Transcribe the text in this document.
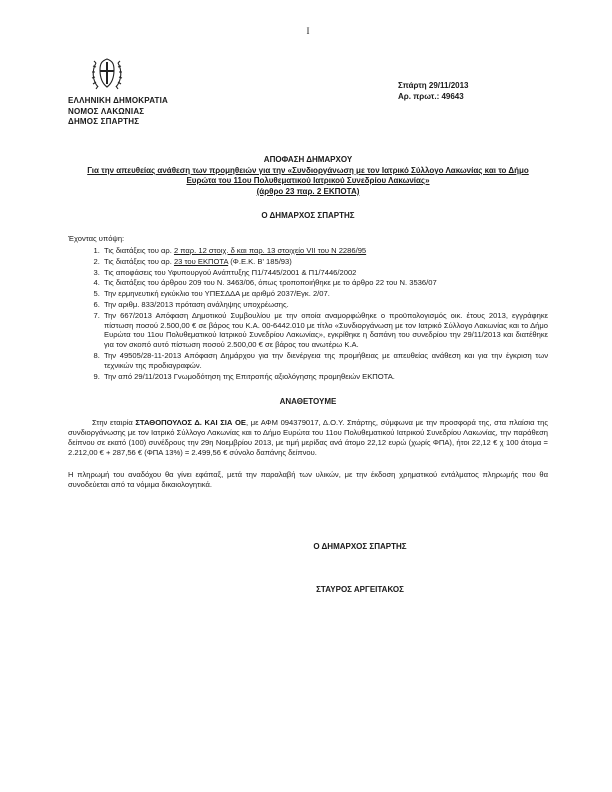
I
ΕΛΛΗΝΙΚΗ ΔΗΜΟΚΡΑΤΙΑ
ΝΟΜΟΣ ΛΑΚΩΝΙΑΣ
ΔΗΜΟΣ ΣΠΑΡΤΗΣ
Σπάρτη 29/11/2013
Αρ. πρωτ.: 49643
ΑΠΟΦΑΣΗ ΔΗΜΑΡΧΟΥ
Για την απευθείας ανάθεση των προμηθειών για την «Συνδιοργάνωση με τον Ιατρικό Σύλλογο Λακωνίας και το Δήμο Ευρώτα του 11ου Πολυθεματικού Ιατρικού Συνεδρίου Λακωνίας»
(άρθρο 23 παρ. 2 ΕΚΠΟΤΑ)
Ο ΔΗΜΑΡΧΟΣ ΣΠΑΡΤΗΣ
Έχοντας υπόψη:
1. Τις διατάξεις του αρ. 2 παρ. 12 στοιχ. δ και παρ. 13 στοιχείο VII του Ν 2286/95
2. Τις διατάξεις του αρ. 23 του ΕΚΠΟΤΑ (Φ.Ε.Κ. Β' 185/93)
3. Τις αποφάσεις του Υφυπουργού Ανάπτυξης Π1/7445/2001 & Π1/7446/2002
4. Τις διατάξεις του άρθρου 209 του Ν. 3463/06, όπως τροποποιήθηκε με το άρθρο 22 του Ν. 3536/07
5. Την ερμηνευτική εγκύκλιο του ΥΠΕΣΔΔΑ με αριθμό 2037/Εγκ. 2/07.
6. Την αριθμ. 833/2013 πρόταση ανάληψης υποχρέωσης.
7. Την 667/2013 Απόφαση Δημοτικού Συμβουλίου με την οποία αναμορφώθηκε ο προϋπολογισμός οικ. έτους 2013, εγγράφηκε πίστωση ποσού 2.500,00 € σε βάρος του Κ.Α. 00-6442.010 με τίτλο «Συνδιοργάνωση με τον Ιατρικό Σύλλογο Λακωνίας και το Δήμο Ευρώτα του 11ου Πολυθεματικού Ιατρικού Συνεδρίου Λακωνίας», εγκρίθηκε η δαπάνη του συνεδρίου την 29/11/2013 και διατέθηκε για τον σκοπό αυτό πίστωση ποσού 2.500,00 € σε βάρος του ανωτέρω Κ.Α.
8. Την 49505/28-11-2013 Απόφαση Δημάρχου για την διενέργεια της προμήθειας με απευθείας ανάθεση και για την έγκριση των τεχνικών της προδιαγραφών.
9. Την από 29/11/2013 Γνωμοδότηση της Επιτροπής αξιολόγησης προμηθειών ΕΚΠΟΤΑ.
ΑΝΑΘΕΤΟΥΜΕ

Στην εταιρία ΣΤΑΘΟΠΟΥΛΟΣ Δ. ΚΑΙ ΣΙΑ ΟΕ, με ΑΦΜ 094379017, Δ.Ο.Υ. Σπάρτης, σύμφωνα με την προσφορά της, στα πλαίσια της συνδιοργάνωσης με τον Ιατρικό Σύλλογο Λακωνίας και το Δήμο Ευρώτα του 11ου Πολυθεματικού Ιατρικού Συνεδρίου Λακωνίας, την παράθεση δείπνου σε εκατό (100) συνέδρους την 29η Νοεμβρίου 2013, με τιμή μερίδας ανά άτομο 22,12 ευρώ (χωρίς ΦΠΑ), ήτοι 22,12 € χ 100 άτομα = 2.212,00 € + 287,56 € (ΦΠΑ 13%) = 2.499,56 € σύνολο δαπάνης δείπνου.

Η πληρωμή του αναδόχου θα γίνει εφάπαξ, μετά την παραλαβή των υλικών, με την έκδοση χρηματικού εντάλματος πληρωμής που θα συνοδεύεται από τα νόμιμα δικαιολογητικά.

Ο ΔΗΜΑΡΧΟΣ ΣΠΑΡΤΗΣ
ΣΤΑΥΡΟΣ ΑΡΓΕΙΤΑΚΟΣ
